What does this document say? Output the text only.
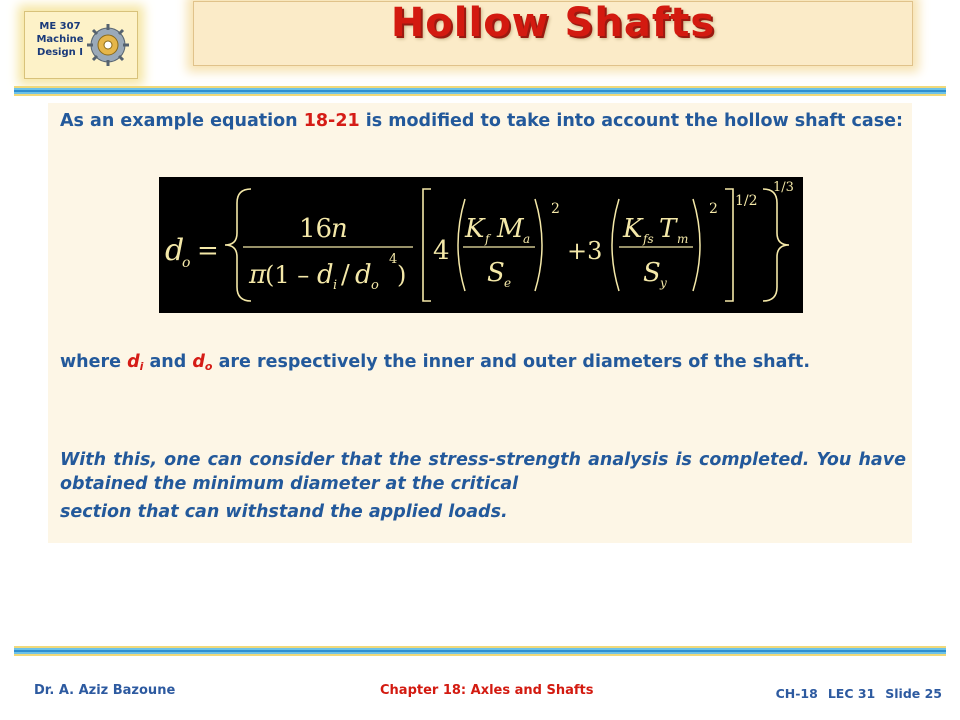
ME 307
Machine
Design I
Hollow Shafts

As an example equation 18-21 is modified to take into account the hollow shaft case:

d
o =
16
n
π
(1 – d i / d o
4
)
4
K f M a
S e
2
+3
K fs T m
S y
2 1/2
1/3

where $d_i$ and $d_o$ are respectively the inner and outer diameters of the shaft.

With this, one can consider that the stress-strength analysis is completed. You have obtained the minimum diameter at the critical

section that can withstand the applied loads.

Dr. A. Aziz Bazoune	Chapter 18: Axles and Shafts	CH-18 LEC 31 Slide 25
